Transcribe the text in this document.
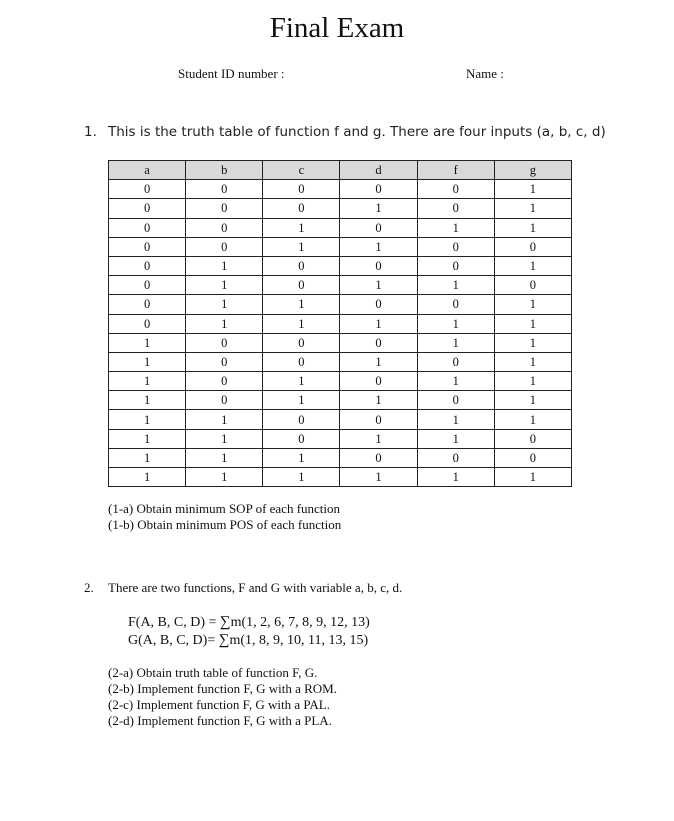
Final Exam
Student ID number :	Name :
1. This is the truth table of function f and g. There are four inputs (a, b, c, d)
a	b	c	d	f	g
0	0	0	0	0	1
0	0	0	1	0	1
0	0	1	0	1	1
0	0	1	1	0	0
0	1	0	0	0	1
0	1	0	1	1	0
0	1	1	0	0	1
0	1	1	1	1	1
1	0	0	0	1	1
1	0	0	1	0	1
1	0	1	0	1	1
1	0	1	1	0	1
1	1	0	0	1	1
1	1	0	1	1	0
1	1	1	0	0	0
1	1	1	1	1	1
(1-a) Obtain minimum SOP of each function
(1-b) Obtain minimum POS of each function
2. There are two functions, F and G with variable a, b, c, d.
F(A, B, C, D) = ∑m(1, 2, 6, 7, 8, 9, 12, 13)
G(A, B, C, D)= ∑m(1, 8, 9, 10, 11, 13, 15)
(2-a) Obtain truth table of function F, G.
(2-b) Implement function F, G with a ROM.
(2-c) Implement function F, G with a PAL.
(2-d) Implement function F, G with a PLA.
